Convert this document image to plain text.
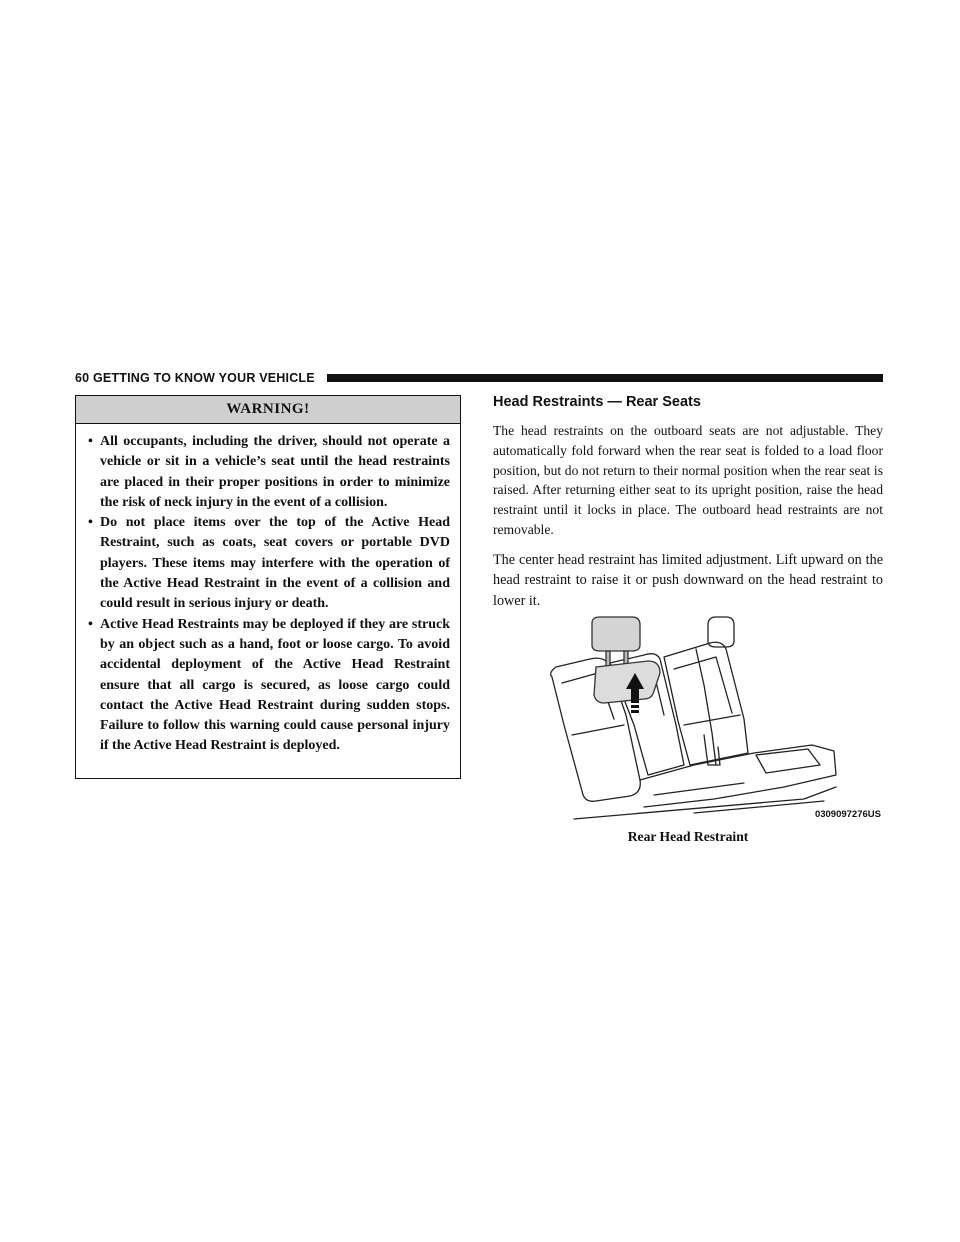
60 GETTING TO KNOW YOUR VEHICLE
WARNING!
• All occupants, including the driver, should not operate a vehicle or sit in a vehicle’s seat until the head restraints are placed in their proper positions in order to minimize the risk of neck injury in the event of a collision.
• Do not place items over the top of the Active Head Restraint, such as coats, seat covers or portable DVD players. These items may interfere with the operation of the Active Head Restraint in the event of a collision and could result in serious injury or death.
• Active Head Restraints may be deployed if they are struck by an object such as a hand, foot or loose cargo. To avoid accidental deployment of the Active Head Restraint ensure that all cargo is secured, as loose cargo could contact the Active Head Restraint during sudden stops. Failure to follow this warning could cause personal injury if the Active Head Restraint is deployed.
Head Restraints — Rear Seats

The head restraints on the outboard seats are not adjustable. They automatically fold forward when the rear seat is folded to a load floor position, but do not return to their normal position when the rear seat is raised. After returning either seat to its upright position, raise the head restraint until it locks in place. The outboard head restraints are not removable.

The center head restraint has limited adjustment. Lift upward on the head restraint to raise it or push downward on the head restraint to lower it.

0309097276US
Rear Head Restraint
